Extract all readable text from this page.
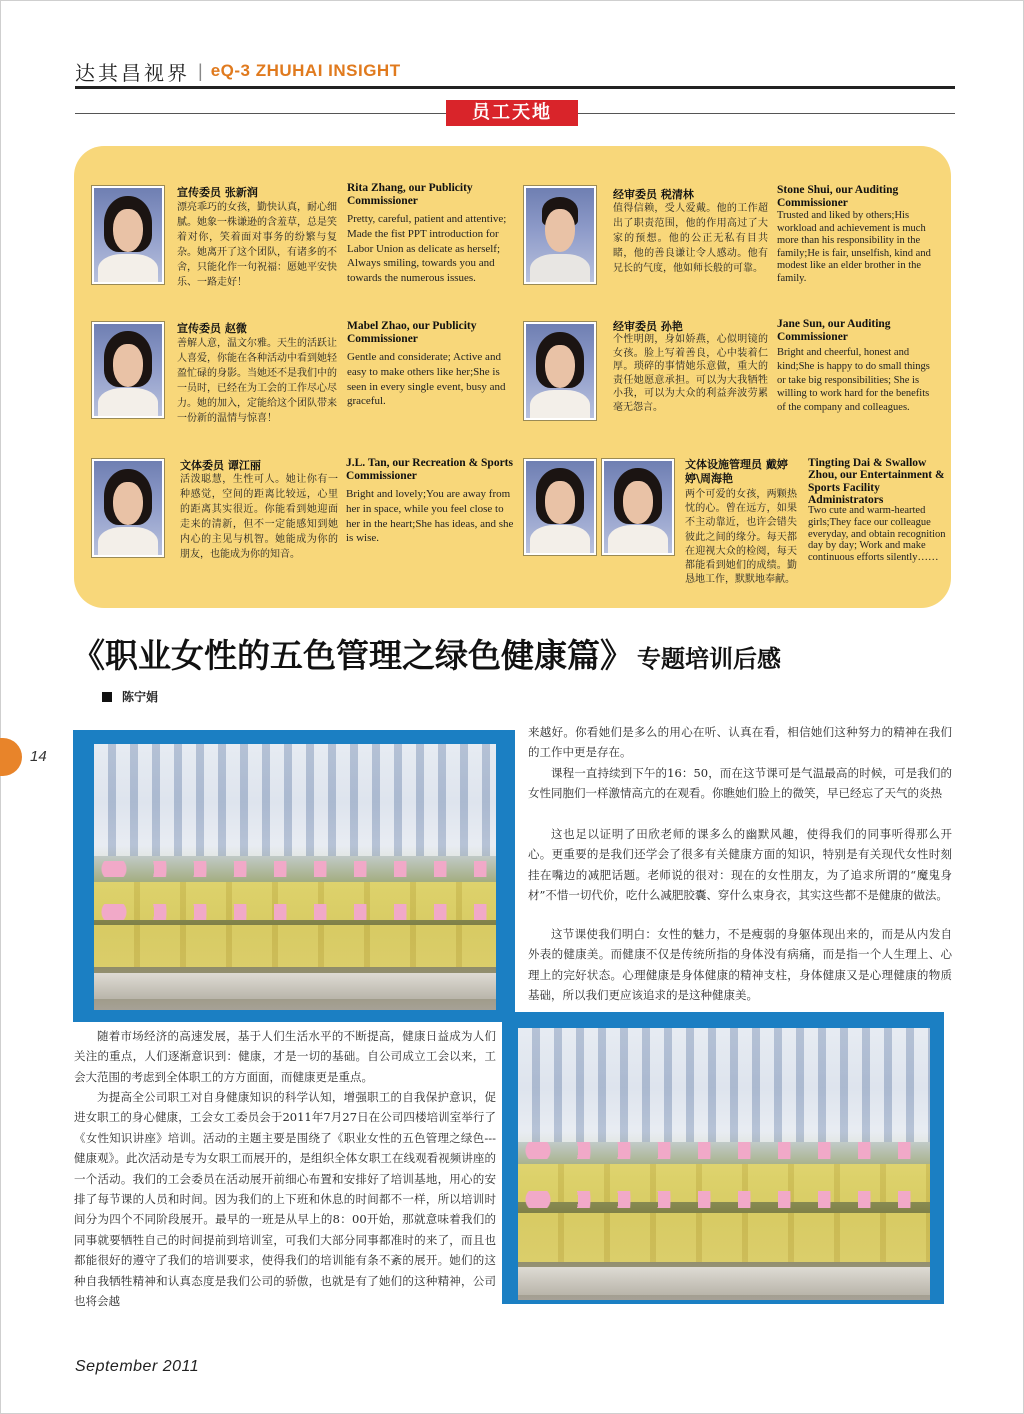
达其昌视界 | eQ-3 ZHUHAI INSIGHT
员工天地
宣传委员 张新润
漂亮乖巧的女孩，勤快认真，耐心细腻。她象一株谦逊的含羞草，总是笑着对你，笑着面对事务的纷繁与复杂。她离开了这个团队，有诸多的不舍，只能化作一句祝福：愿她平安快乐、一路走好！
Rita Zhang, our Publicity Commissioner
Pretty, careful, patient and attentive; Made the fist PPT introduction for Labor Union as delicate as herself; Always smiling, towards you and towards the numerous issues.
经审委员 税清林
值得信赖，受人爱戴。他的工作超出了职责范围，他的作用高过了大家的预想。他的公正无私有目共睹，他的善良谦让令人感动。他有兄长的气度，他如师长般的可靠。
Stone Shui, our Auditing Commissioner
Trusted and liked by others;His workload and achievement is much more than his responsibility in the family;He is fair, unselfish, kind and modest like an elder brother in the family.
宣传委员 赵微
善解人意，温文尔雅。天生的活跃让人喜爱，你能在各种活动中看到她轻盈忙碌的身影。当她还不是我们中的一员时，已经在为工会的工作尽心尽力。她的加入，定能给这个团队带来一份新的温情与惊喜！
Mabel Zhao, our Publicity Commissioner
Gentle and considerate; Active and easy to make others like her;She is seen in every single event, busy and graceful.
经审委员 孙艳
个性明朗，身如娇燕，心似明镜的女孩。脸上写着善良，心中装着仁厚。琐碎的事情她乐意做，重大的责任她愿意承担。可以为大我牺牲小我，可以为大众的利益奔波劳累毫无怨言。
Jane Sun, our Auditing Commissioner
Bright and cheerful, honest and kind;She is happy to do small things or take big responsibilities; She is willing to work hard for the benefits of the company and colleagues.
文体委员 谭江丽
活泼聪慧，生性可人。她让你有一种感觉，空间的距离比较远，心里的距离其实很近。你能看到她迎面走来的清新，但不一定能感知到她内心的主见与机智。她能成为你的朋友，也能成为你的知音。
J.L. Tan, our Recreation & Sports Commissioner
Bright and lovely;You are away from her in space, while you feel close to her in the heart;She has ideas, and she is wise.
文体设施管理员 戴婷婷\周海艳
两个可爱的女孩，两颗热忱的心。曾在远方，如果不主动靠近，也许会错失彼此之间的缘分。每天都在迎视大众的检阅，每天都能看到她们的成绩。勤恳地工作，默默地奉献。
Tingting Dai & Swallow Zhou, our Entertainment & Sports Facility Administrators
Two cute and warm-hearted girls;They face our colleague everyday, and obtain recognition day by day; Work and make continuous efforts silently……
《职业女性的五色管理之绿色健康篇》 专题培训后感
陈宁娟
14
来越好。你看她们是多么的用心在听、认真在看，相信她们这种努力的精神在我们的工作中更是存在。
课程一直持续到下午的16：50，而在这节课可是气温最高的时候，可是我们的女性同胞们一样激情高亢的在观看。你瞧她们脸上的微笑，早已经忘了天气的炎热
这也足以证明了田欣老师的课多么的幽默风趣，使得我们的同事听得那么开心。更重要的是我们还学会了很多有关健康方面的知识，特别是有关现代女性时刻挂在嘴边的减肥话题。老师说的很对：现在的女性朋友，为了追求所谓的“魔鬼身材”不惜一切代价，吃什么减肥胶囊、穿什么束身衣，其实这些都不是健康的做法。
这节课使我们明白：女性的魅力，不是瘦弱的身躯体现出来的，而是从内发自外表的健康美。而健康不仅是传统所指的身体没有病痛，而是指一个人生理上、心理上的完好状态。心理健康是身体健康的精神支柱，身体健康又是心理健康的物质基础，所以我们更应该追求的是这种健康美。
随着市场经济的高速发展，基于人们生活水平的不断提高，健康日益成为人们关注的重点，人们逐渐意识到：健康，才是一切的基础。自公司成立工会以来，工会大范围的考虑到全体职工的方方面面，而健康更是重点。
为提高全公司职工对自身健康知识的科学认知，增强职工的自我保护意识，促进女职工的身心健康，工会女工委员会于2011年7月27日在公司四楼培训室举行了《女性知识讲座》培训。活动的主题主要是围绕了《职业女性的五色管理之绿色---健康观》。此次活动是专为女职工而展开的，是组织全体女职工在线观看视频讲座的一个活动。我们的工会委员在活动展开前细心布置和安排好了培训基地，用心的安排了每节课的人员和时间。因为我们的上下班和休息的时间都不一样，所以培训时间分为四个不同阶段展开。最早的一班是从早上的8：00开始，那就意味着我们的同事就要牺牲自己的时间提前到培训室，可我们大部分同事都准时的来了，而且也都能很好的遵守了我们的培训要求，使得我们的培训能有条不紊的展开。她们的这种自我牺牲精神和认真态度是我们公司的骄傲，也就是有了她们的这种精神，公司也将会越
September 2011
